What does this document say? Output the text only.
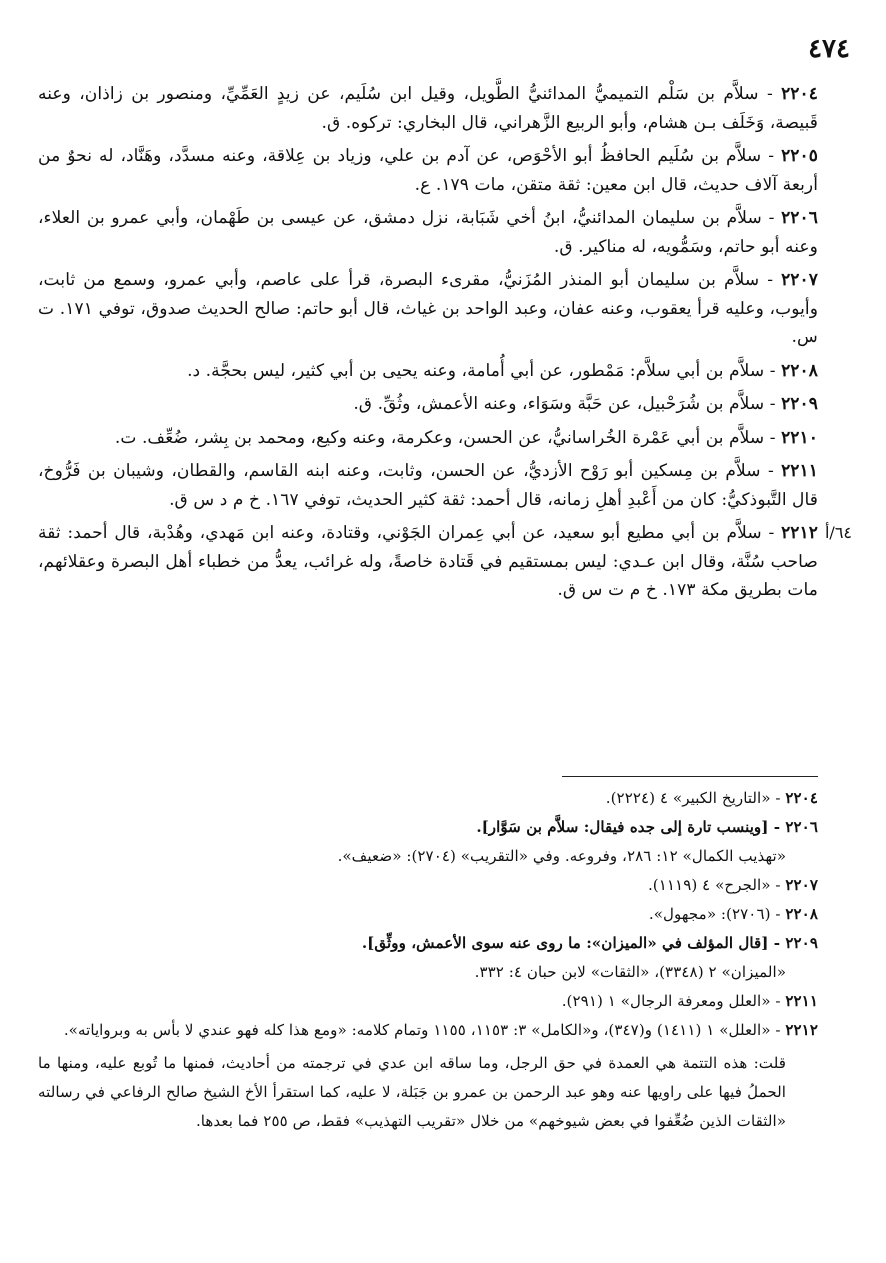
٤٧٤
٢٢٠٤ - سلاَّم بن سَلْم التميميُّ المدائنيُّ الطَّويل، وقيل ابن سُلَيم، عن زيدٍ العَمِّيِّ، ومنصور بن زاذان، وعنه قَبيصة، وَخَلَف بـن هشام، وأبو الربيع الزَّهراني، قال البخاري: تركوه. ق.
٢٢٠٥ - سلاَّم بن سُلَيم الحافظُ أبو الأحْوَص، عن آدم بن علي، وزياد بن عِلاقة، وعنه مسدَّد، وهَنَّاد، له نحوٌ من أربعة آلاف حديث، قال ابن معين: ثقة متقن، مات ١٧٩. ع.
٢٢٠٦ - سلاَّم بن سليمان المدائنيُّ، ابنُ أخي شَبَابة، نزل دمشق، عن عيسى بن طَهْمان، وأبي عمرو بن العلاء، وعنه أبو حاتم، وسَمُّويه، له مناكير. ق.
٢٢٠٧ - سلاَّم بن سليمان أبو المنذر المُزَنيُّ، مقرىء البصرة، قرأ على عاصم، وأبي عمرو، وسمع من ثابت، وأيوب، وعليه قرأ يعقوب، وعنه عفان، وعبد الواحد بن غياث، قال أبو حاتم: صالح الحديث صدوق، توفي ١٧١. ت س.
٢٢٠٨ - سلاَّم بن أبي سلاَّم: مَمْطور، عن أبي أُمامة، وعنه يحيى بن أبي كثير، ليس بحجَّة. د.
٢٢٠٩ - سلاَّم بن شُرَحْبيل، عن حَبَّة وسَوَاء، وعنه الأعمش، وثُقِّ. ق.
٢٢١٠ - سلاَّم بن أبي عَمْرة الخُراسانيُّ، عن الحسن، وعكرمة، وعنه وكيع، ومحمد بن بِشر، ضُعِّف. ت.
٢٢١١ - سلاَّم بن مِسكين أبو رَوْح الأزديُّ، عن الحسن، وثابت، وعنه ابنه القاسم، والقطان، وشيبان بن فَرُّوخ، قال التَّبوذكيُّ: كان من أَعْبدِ أهلِ زمانه، قال أحمد: ثقة كثير الحديث، توفي ١٦٧. خ م د س ق.
٦٤/أ
٢٢١٢ - سلاَّم بن أبي مطيع أبو سعيد، عن أبي عِمران الجَوْني، وقتادة، وعنه ابن مَهدي، وهُدْبة، قال أحمد: ثقة صاحب سُنَّة، وقال ابن عـدي: ليس بمستقيم في قَتادة خاصةً، وله غرائب، يعدُّ من خطباء أهل البصرة وعقلائهم، مات بطريق مكة ١٧٣. خ م ت س ق.

٢٢٠٤ - «التاريخ الكبير» ٤ (٢٢٢٤).

٢٢٠٦ - [وينسب تارة إلى جده فيقال: سلاَّم بن سَوَّار].

«تهذيب الكمال» ١٢: ٢٨٦، وفروعه. وفي «التقريب» (٢٧٠٤): «ضعيف».

٢٢٠٧ - «الجرح» ٤ (١١١٩).

٢٢٠٨ - (٢٧٠٦): «مجهول».

٢٢٠٩ - [قال المؤلف في «الميزان»: ما روى عنه سوى الأعمش، ووثِّق].

«الميزان» ٢ (٣٣٤٨)، «الثقات» لابن حبان ٤: ٣٣٢.

٢٢١١ - «العلل ومعرفة الرجال» ١ (٢٩١).

٢٢١٢ - «العلل» ١ (١٤١١) و(٣٤٧)، و«الكامل» ٣: ١١٥٣، ١١٥٥ وتمام كلامه: «ومع هذا كله فهو عندي لا بأس به وبرواياته».

قلت: هذه التتمة هي العمدة في حق الرجل، وما ساقه ابن عدي في ترجمته من أحاديث، فمنها ما تُوبع عليه، ومنها ما الحملُ فيها على راويها عنه وهو عبد الرحمن بن عمرو بن جَبَلة، لا عليه، كما استقرأ الأخ الشيخ صالح الرفاعي في رسالته «الثقات الذين ضُعِّفوا في بعض شيوخهم» من خلال «تقريب التهذيب» فقط، ص ٢٥٥ فما بعدها.
